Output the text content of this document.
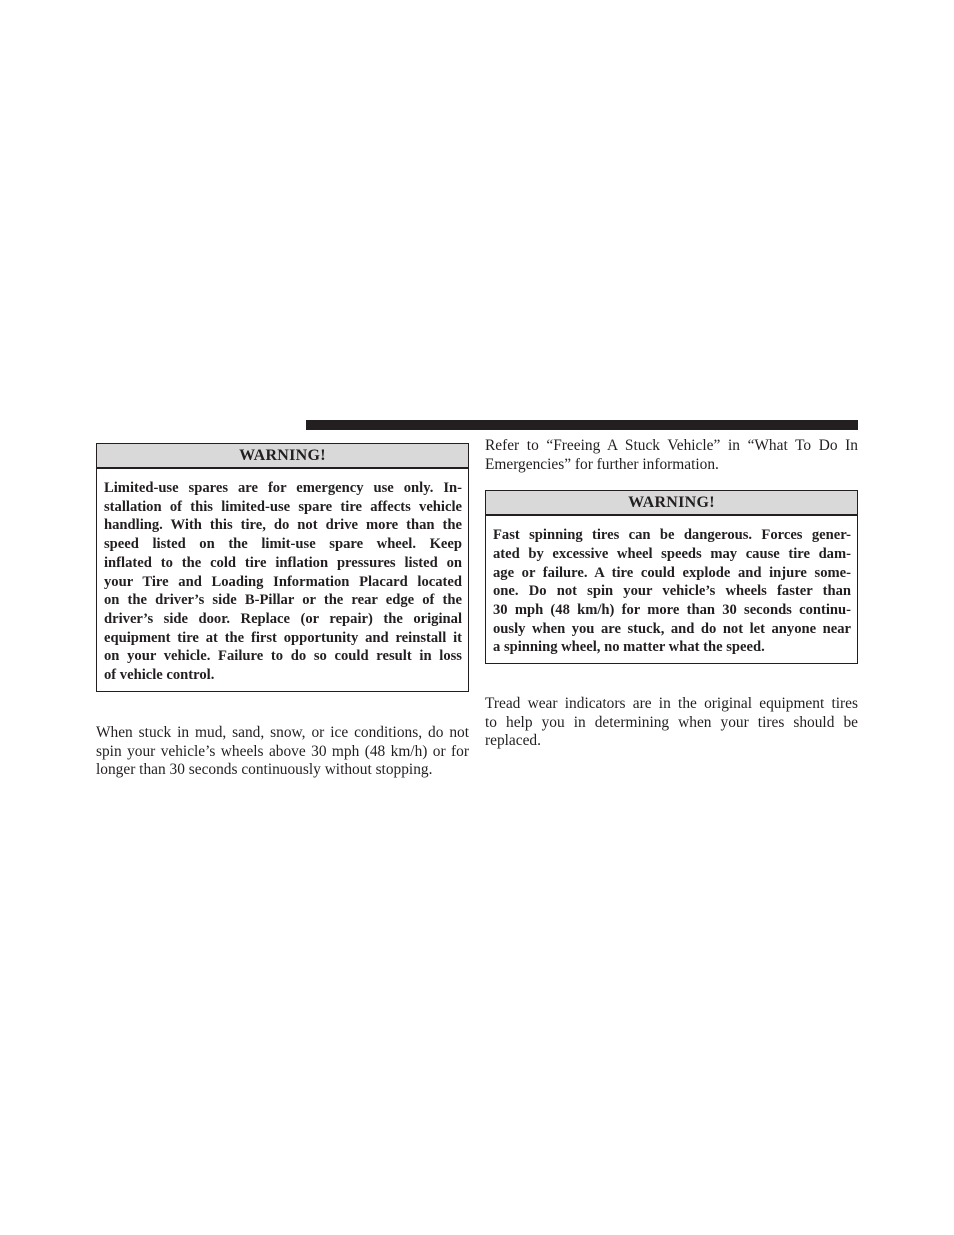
WARNING!
Limited-use spares are for emergency use only. In-
stallation of this limited-use spare tire affects vehicle
handling. With this tire, do not drive more than the
speed listed on the limit-use spare wheel. Keep
inflated to the cold tire inflation pressures listed on
your Tire and Loading Information Placard located
on the driver’s side B-Pillar or the rear edge of the
driver’s side door. Replace (or repair) the original
equipment tire at the first opportunity and reinstall it
on your vehicle. Failure to do so could result in loss
of vehicle control.
When stuck in mud, sand, snow, or ice conditions, do not
spin your vehicle’s wheels above 30 mph (48 km/h) or for
longer than 30 seconds continuously without stopping.
Refer to “Freeing A Stuck Vehicle” in “What To Do In
Emergencies” for further information.
WARNING!
Fast spinning tires can be dangerous. Forces gener-
ated by excessive wheel speeds may cause tire dam-
age or failure. A tire could explode and injure some-
one. Do not spin your vehicle’s wheels faster than
30 mph (48 km/h) for more than 30 seconds continu-
ously when you are stuck, and do not let anyone near
a spinning wheel, no matter what the speed.
Tread wear indicators are in the original equipment tires
to help you in determining when your tires should be
replaced.
